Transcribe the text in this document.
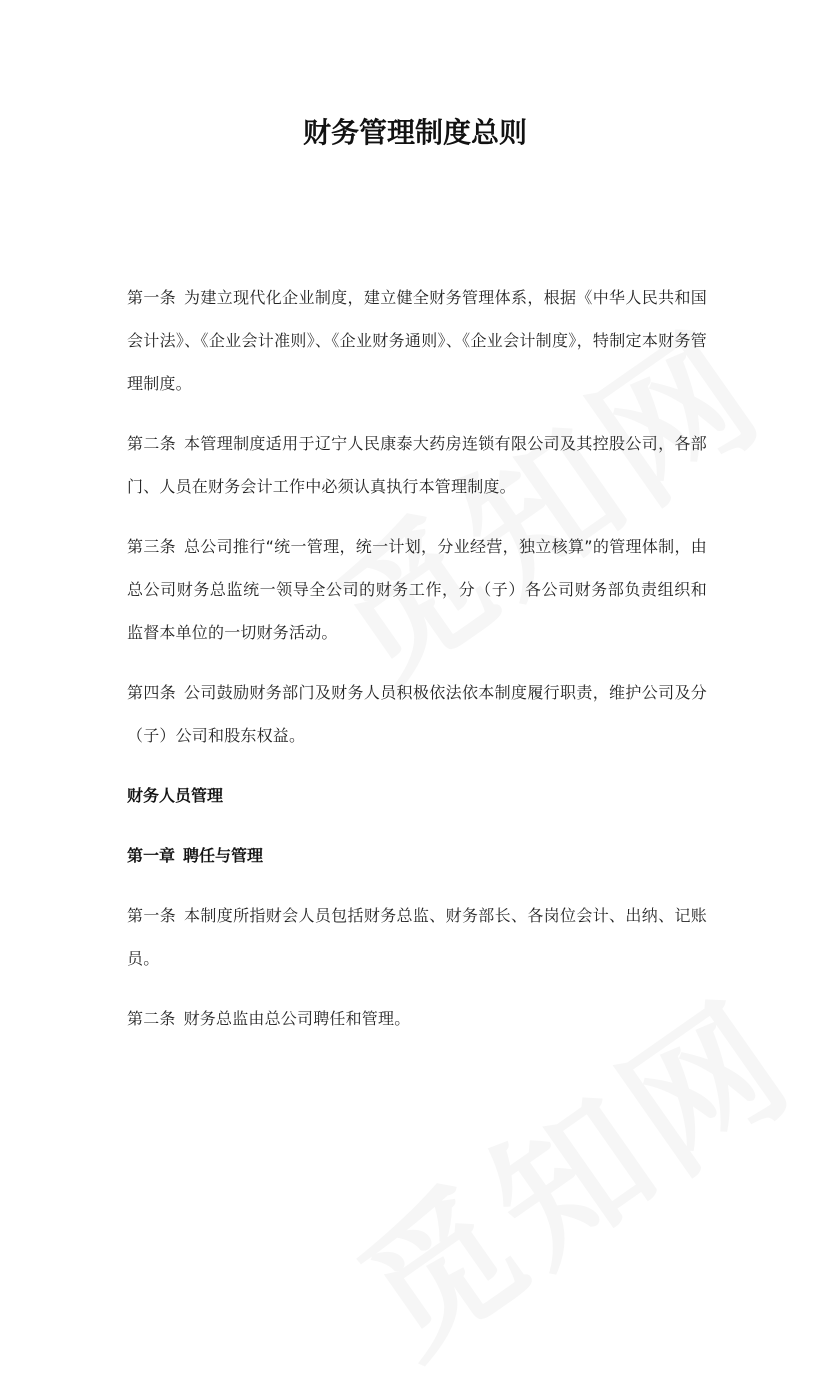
财务管理制度总则

第一条 为建立现代化企业制度，建立健全财务管理体系，根据《中华人民共和国会计法》、《企业会计准则》、《企业财务通则》、《企业会计制度》，特制定本财务管理制度。

第二条 本管理制度适用于辽宁人民康泰大药房连锁有限公司及其控股公司，各部门、人员在财务会计工作中必须认真执行本管理制度。

第三条 总公司推行“统一管理，统一计划，分业经营，独立核算”的管理体制，由总公司财务总监统一领导全公司的财务工作，分（子）各公司财务部负责组织和监督本单位的一切财务活动。

第四条 公司鼓励财务部门及财务人员积极依法依本制度履行职责，维护公司及分（子）公司和股东权益。

财务人员管理

第一章 聘任与管理

第一条 本制度所指财会人员包括财务总监、财务部长、各岗位会计、出纳、记账员。

第二条 财务总监由总公司聘任和管理。
